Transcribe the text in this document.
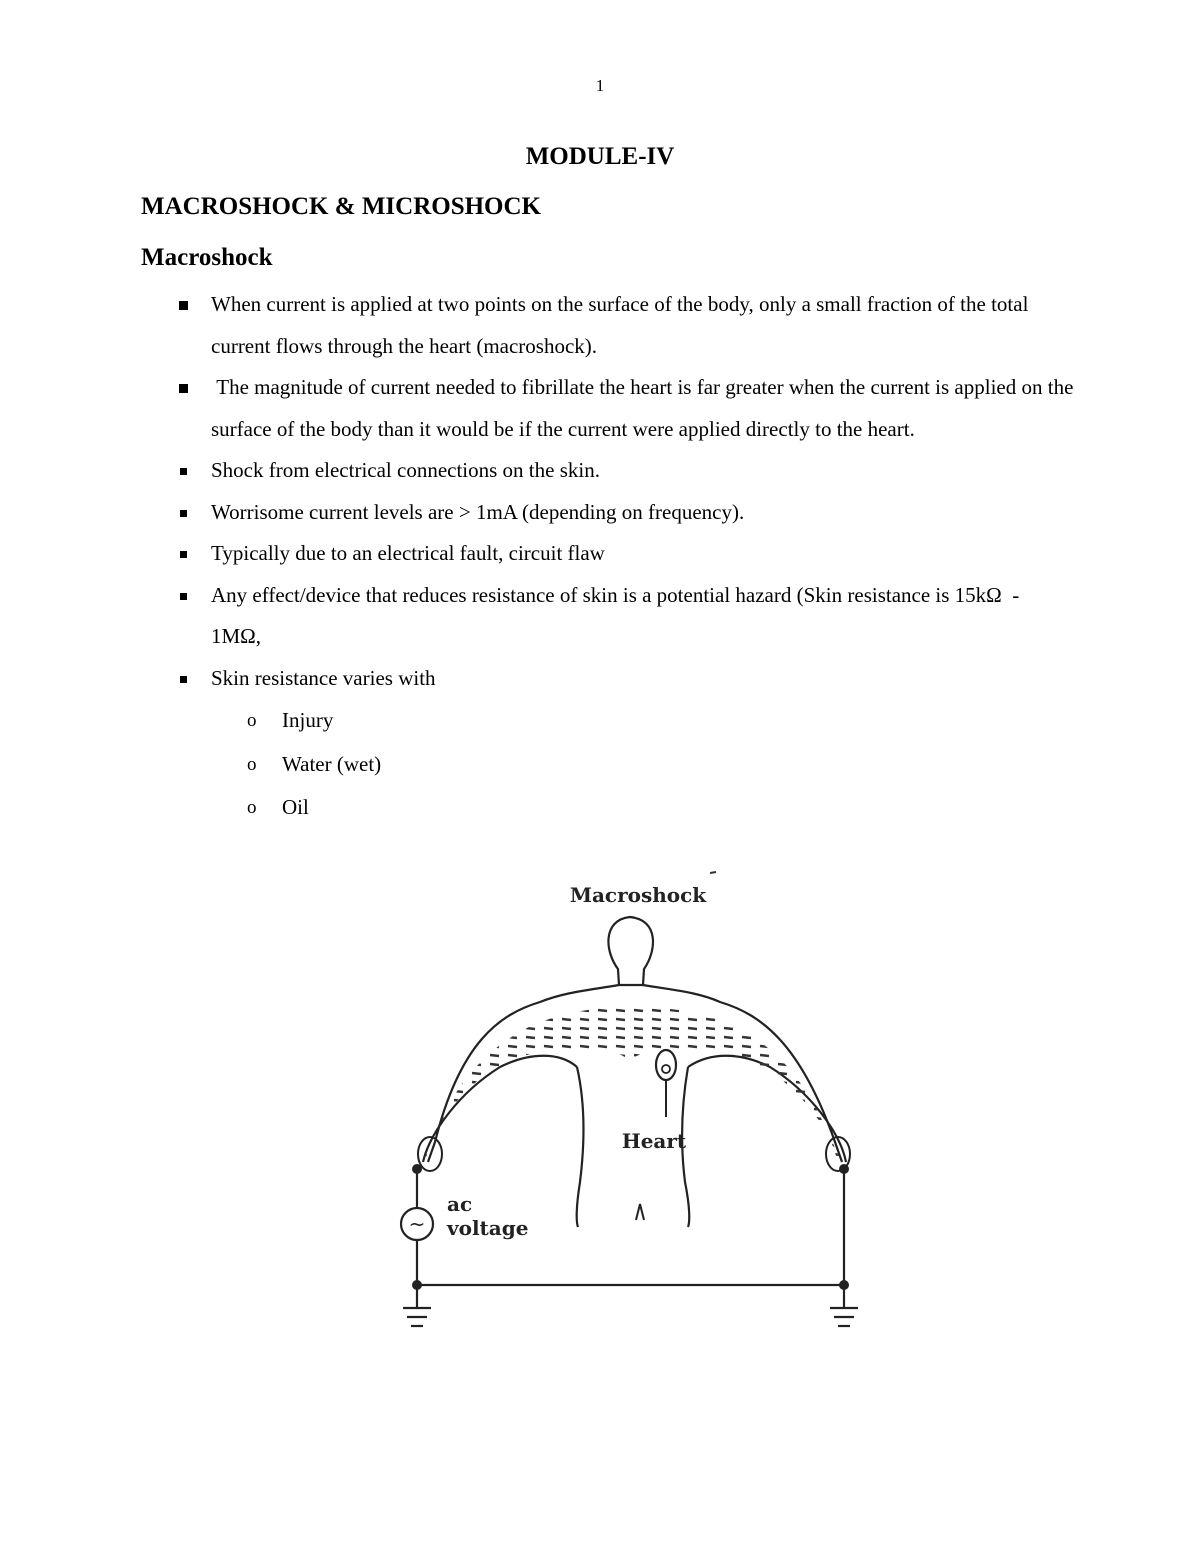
1
MODULE-IV
MACROSHOCK & MICROSHOCK
Macroshock
When current is applied at two points on the surface of the body, only a small fraction of the total current flows through the heart (macroshock).
The magnitude of current needed to fibrillate the heart is far greater when the current is applied on the surface of the body than it would be if the current were applied directly to the heart.
Shock from electrical connections on the skin.
Worrisome current levels are > 1mA (depending on frequency).
Typically due to an electrical fault, circuit flaw
Any effect/device that reduces resistance of skin is a potential hazard (Skin resistance is 15kΩ  -  1MΩ,
Skin resistance varies with
o Injury
o Water (wet)
o Oil
Macroshock
Heart
~
ac
voltage
